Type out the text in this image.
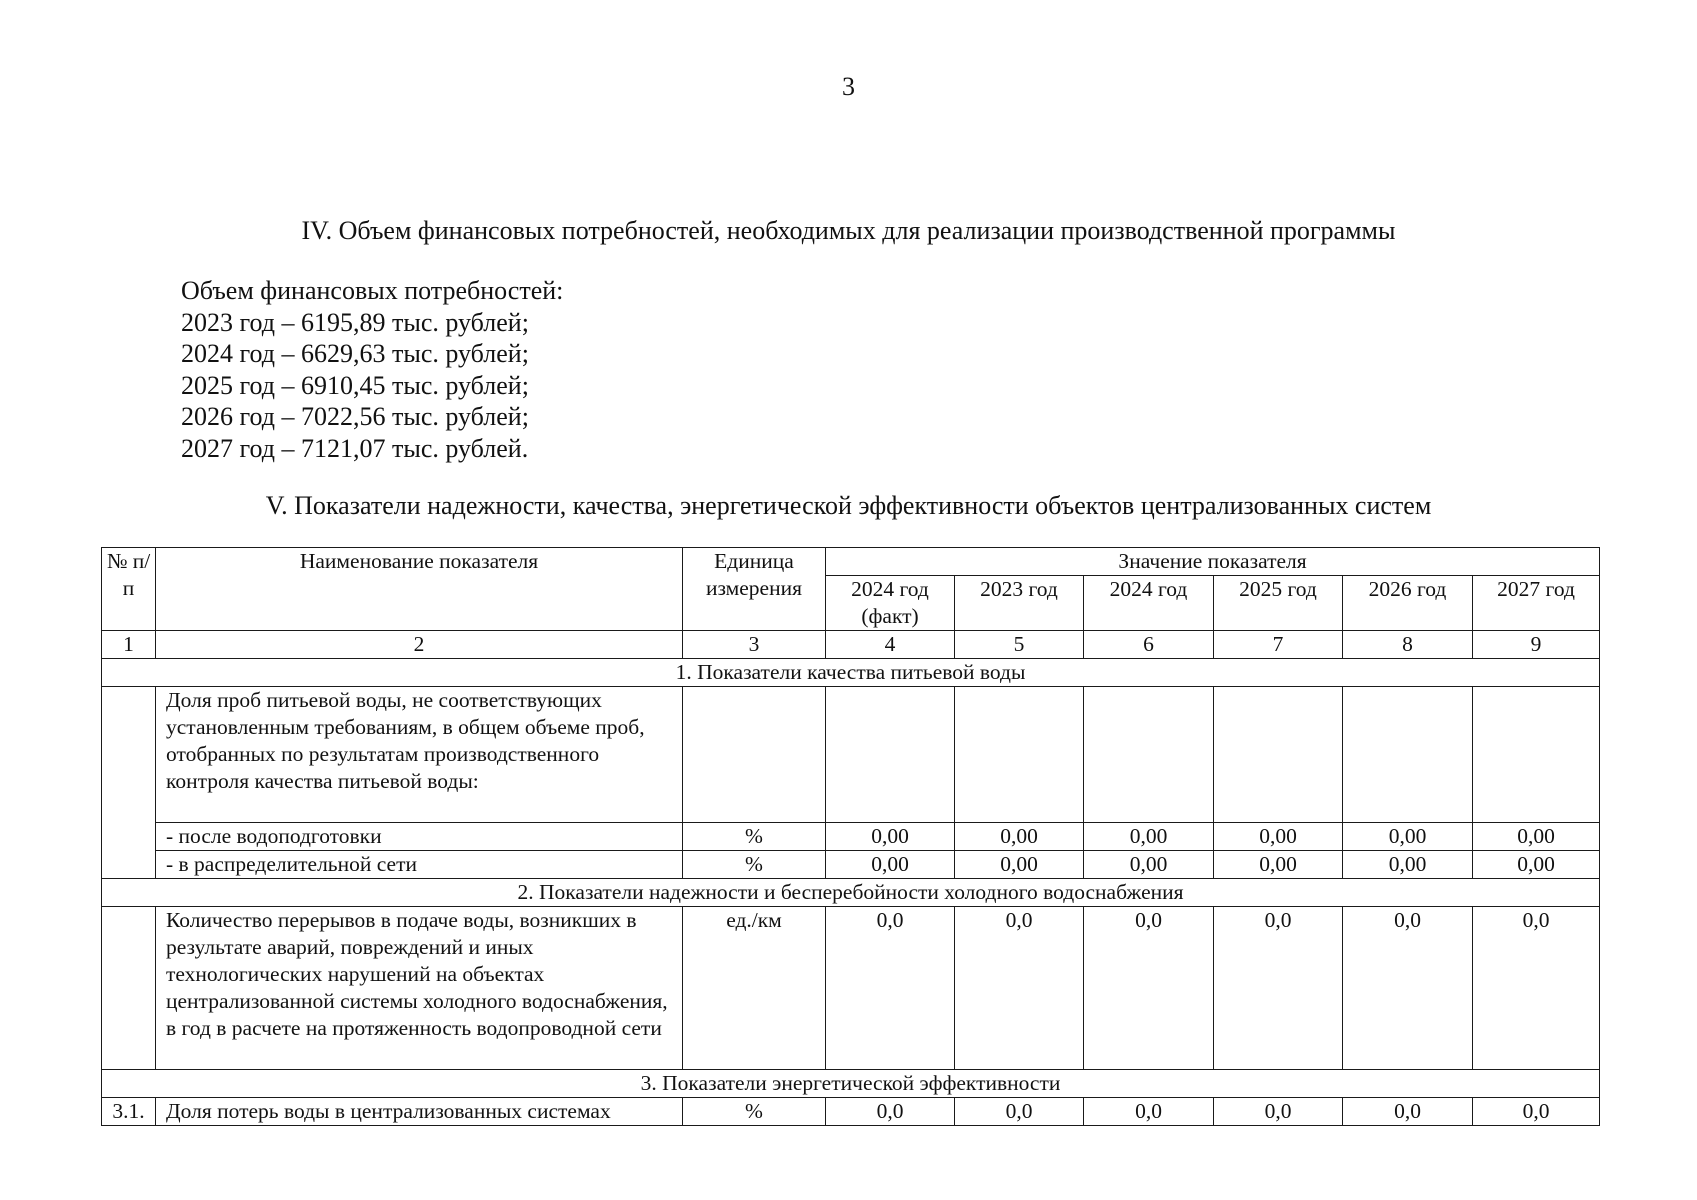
3
IV. Объем финансовых потребностей, необходимых для реализации производственной программы
Объем финансовых потребностей:
2023 год – 6195,89 тыс. рублей;
2024 год – 6629,63 тыс. рублей;
2025 год – 6910,45 тыс. рублей;
2026 год – 7022,56 тыс. рублей;
2027 год – 7121,07 тыс. рублей.
V. Показатели надежности, качества, энергетической эффективности объектов централизованных систем
№ п/п	Наименование показателя	Единица измерения	Значение показателя					
			2024 год (факт)	2023 год	2024 год	2025 год	2026 год	2027 год
1	2	3	4	5	6	7	8	9
1. Показатели качества питьевой воды								
	Доля проб питьевой воды, не соответствующих установленным требованиям, в общем объеме проб, отобранных по результатам производственного контроля качества питьевой воды:							
	- после водоподготовки	%	0,00	0,00	0,00	0,00	0,00	0,00
	- в распределительной сети	%	0,00	0,00	0,00	0,00	0,00	0,00
2. Показатели надежности и бесперебойности холодного водоснабжения								
	Количество перерывов в подаче воды, возникших в результате аварий, повреждений и иных технологических нарушений на объектах централизованной системы холодного водоснабжения, в год в расчете на протяженность водопроводной сети	ед./км	0,0	0,0	0,0	0,0	0,0	0,0
3. Показатели энергетической эффективности								
3.1.	Доля потерь воды в централизованных системах	%	0,0	0,0	0,0	0,0	0,0	0,0
